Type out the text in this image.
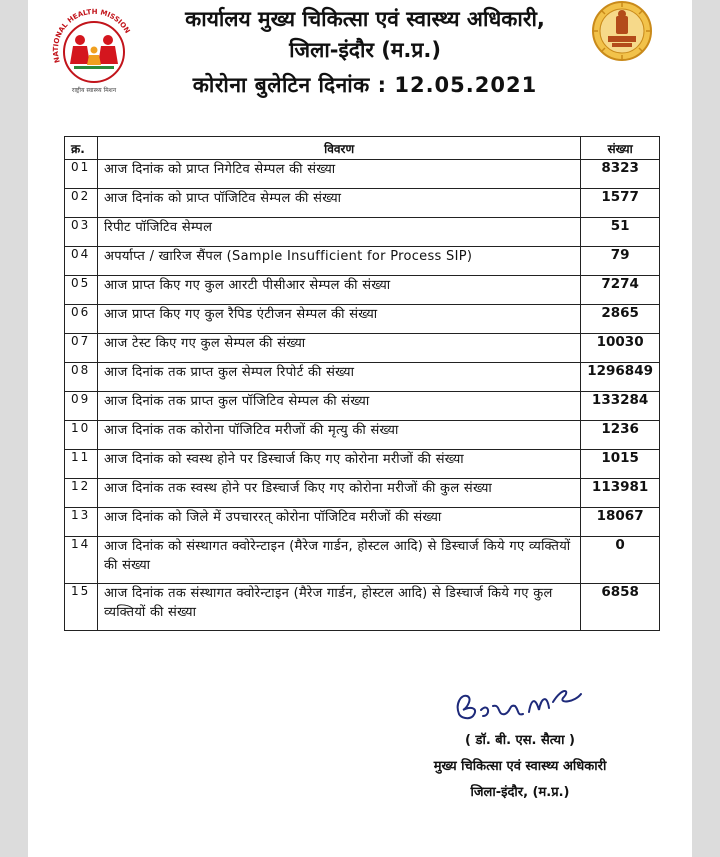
NATIONAL HEALTH MISSION
राष्ट्रीय स्वास्थ्य मिशन
कार्यालय मुख्य चिकित्सा एवं स्वास्थ्य अधिकारी,
जिला-इंदौर (म.प्र.)
कोरोना बुलेटिन दिनांक : 12.05.2021
क्र.	विवरण	संख्या
01	आज दिनांक को प्राप्त निगेटिव सेम्पल की संख्या	8323
02	आज दिनांक को प्राप्त पॉजिटिव सेम्पल की संख्या	1577
03	रिपीट पॉजिटिव सेम्पल	51
04	अपर्याप्त / खारिज सैंपल (Sample Insufficient for Process SIP)	79
05	आज प्राप्त किए गए कुल आरटी पीसीआर सेम्पल की संख्या	7274
06	आज प्राप्त किए गए कुल रैपिड एंटीजन सेम्पल की संख्या	2865
07	आज टेस्ट किए गए कुल सेम्पल की संख्या	10030
08	आज दिनांक तक प्राप्त कुल सेम्पल रिपोर्ट की संख्या	1296849
09	आज दिनांक तक प्राप्त कुल पॉजिटिव सेम्पल की संख्या	133284
10	आज दिनांक तक कोरोना पॉजिटिव मरीजों की मृत्यु की संख्या	1236
11	आज दिनांक को स्वस्थ होने पर डिस्चार्ज किए गए कोरोना मरीजों की संख्या	1015
12	आज दिनांक तक स्वस्थ होने पर डिस्चार्ज किए गए कोरोना मरीजों की कुल संख्या	113981
13	आज दिनांक को जिले में उपचाररत् कोरोना पॉजिटिव मरीजों की संख्या	18067
14	आज दिनांक को संस्थागत क्वोरेन्टाइन (मैरेज गार्डन, होस्टल आदि) से डिस्चार्ज किये गए व्यक्तियों की संख्या	0
15	आज दिनांक तक संस्थागत क्वोरेन्टाइन (मैरेज गार्डन, होस्टल आदि) से डिस्चार्ज किये गए कुल व्यक्तियों की संख्या	6858
( डॉ. बी. एस. सैत्या )
मुख्य चिकित्सा एवं स्वास्थ्य अधिकारी
जिला-इंदौर, (म.प्र.)
